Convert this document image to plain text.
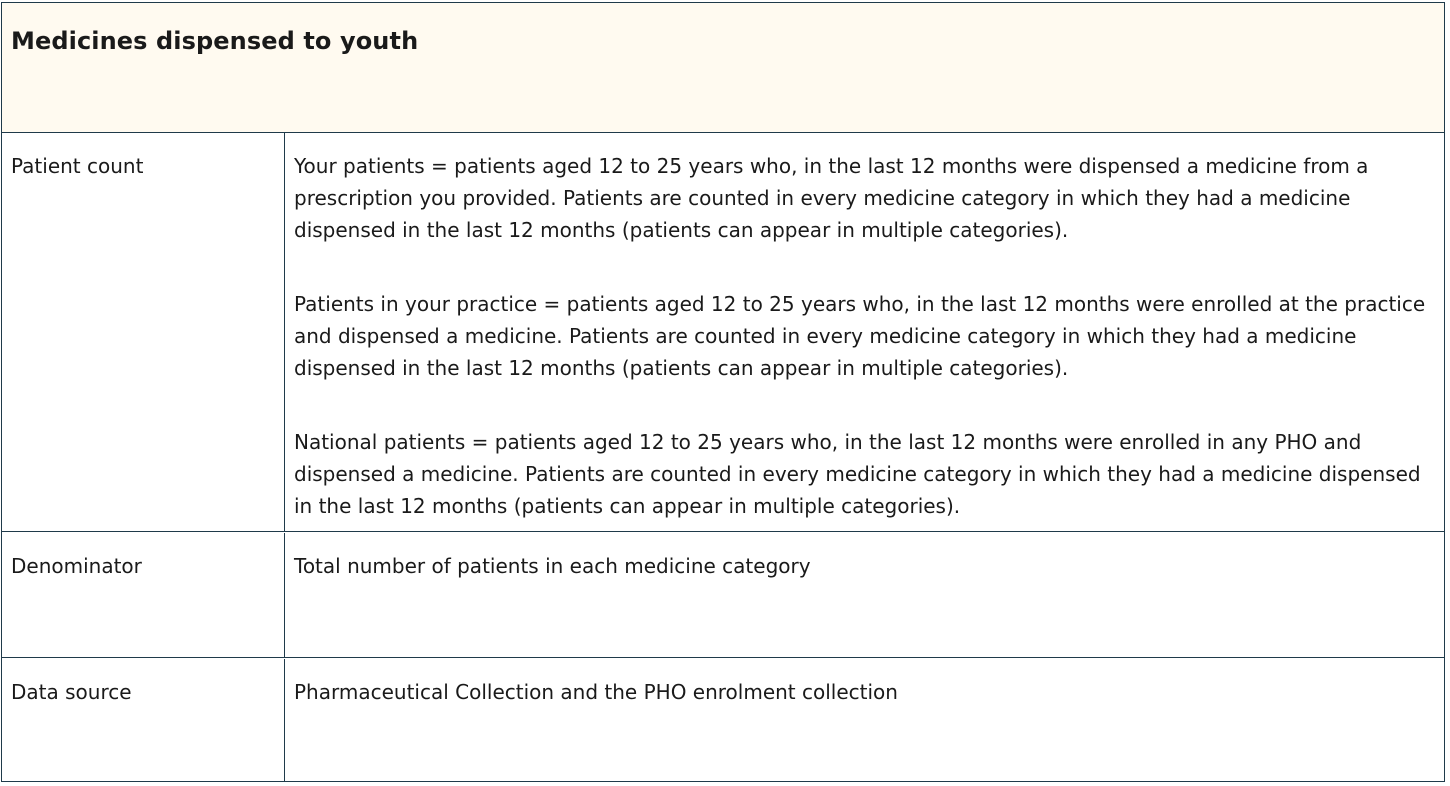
Medicines dispensed to youth
Patient count	Your patients = patients aged 12 to 25 years who, in the last 12 months were dispensed a medicine from a prescription you provided. Patients are counted in every medicine category in which they had a medicine dispensed in the last 12 months (patients can appear in multiple categories).

Patients in your practice = patients aged 12 to 25 years who, in the last 12 months were enrolled at the practice and dispensed a medicine. Patients are counted in every medicine category in which they had a medicine dispensed in the last 12 months (patients can appear in multiple categories).

National patients = patients aged 12 to 25 years who, in the last 12 months were enrolled in any PHO and dispensed a medicine. Patients are counted in every medicine category in which they had a medicine dispensed in the last 12 months (patients can appear in multiple categories).

Denominator	Total number of patients in each medicine category

Data source	Pharmaceutical Collection and the PHO enrolment collection
